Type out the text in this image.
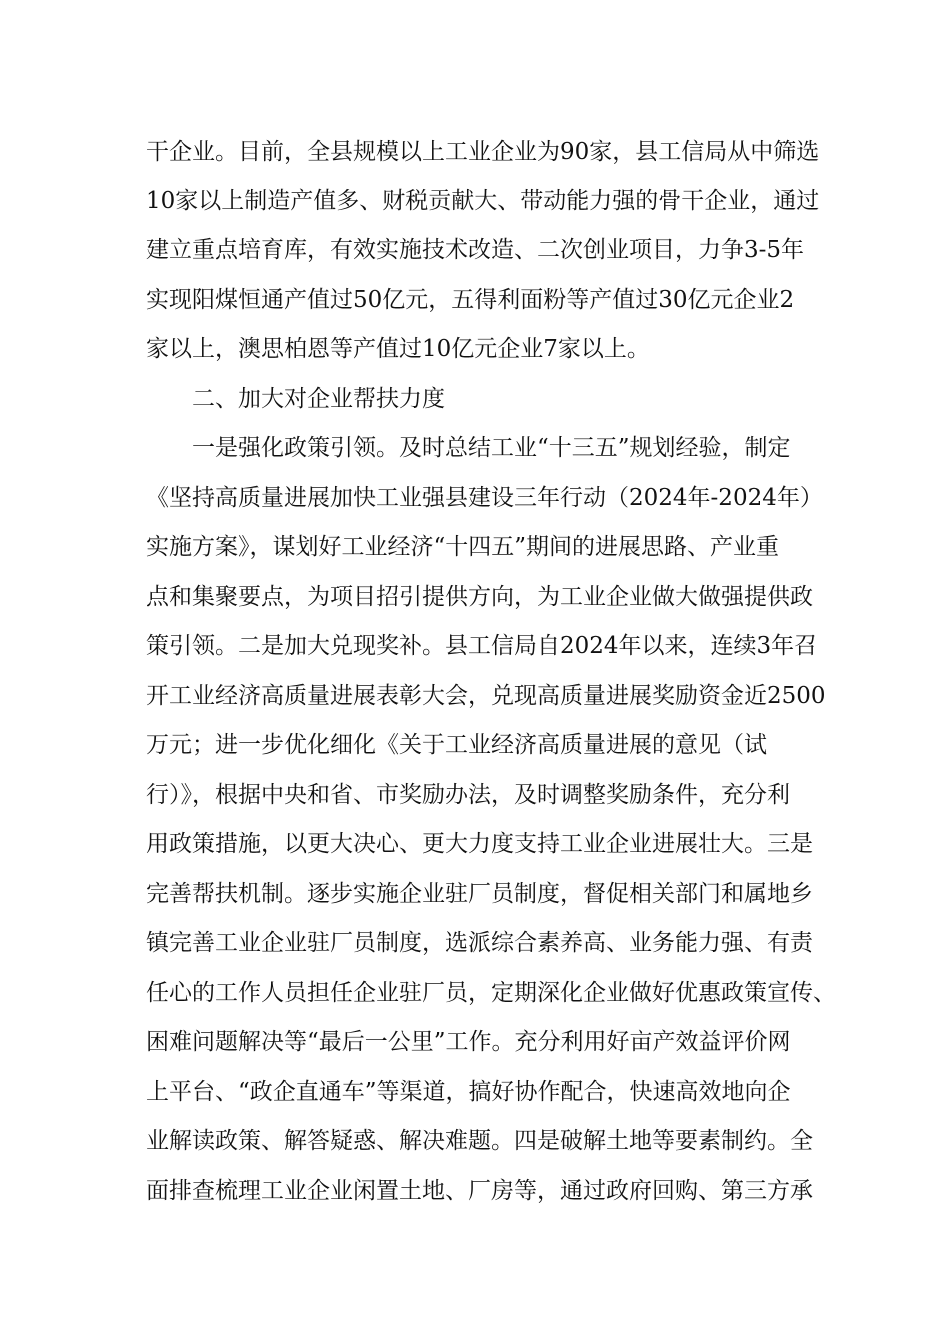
干企业。目前，全县规模以上工业企业为90家，县工信局从中筛选
10家以上制造产值多、财税贡献大、带动能力强的骨干企业，通过
建立重点培育库，有效实施技术改造、二次创业项目，力争3-5年
实现阳煤恒通产值过50亿元，五得利面粉等产值过30亿元企业2
家以上，澳思柏恩等产值过10亿元企业7家以上。
二、加大对企业帮扶力度
一是强化政策引领。及时总结工业“十三五”规划经验，制定
《坚持高质量进展加快工业强县建设三年行动（2024年-2024年）
实施方案》，谋划好工业经济“十四五”期间的进展思路、产业重
点和集聚要点，为项目招引提供方向，为工业企业做大做强提供政
策引领。二是加大兑现奖补。县工信局自2024年以来，连续3年召
开工业经济高质量进展表彰大会，兑现高质量进展奖励资金近2500
万元；进一步优化细化《关于工业经济高质量进展的意见（试
行）》，根据中央和省、市奖励办法，及时调整奖励条件，充分利
用政策措施，以更大决心、更大力度支持工业企业进展壮大。三是
完善帮扶机制。逐步实施企业驻厂员制度，督促相关部门和属地乡
镇完善工业企业驻厂员制度，选派综合素养高、业务能力强、有责
任心的工作人员担任企业驻厂员，定期深化企业做好优惠政策宣传、
困难问题解决等“最后一公里”工作。充分利用好亩产效益评价网
上平台、“政企直通车”等渠道，搞好协作配合，快速高效地向企
业解读政策、解答疑惑、解决难题。四是破解土地等要素制约。全
面排查梳理工业企业闲置土地、厂房等，通过政府回购、第三方承
